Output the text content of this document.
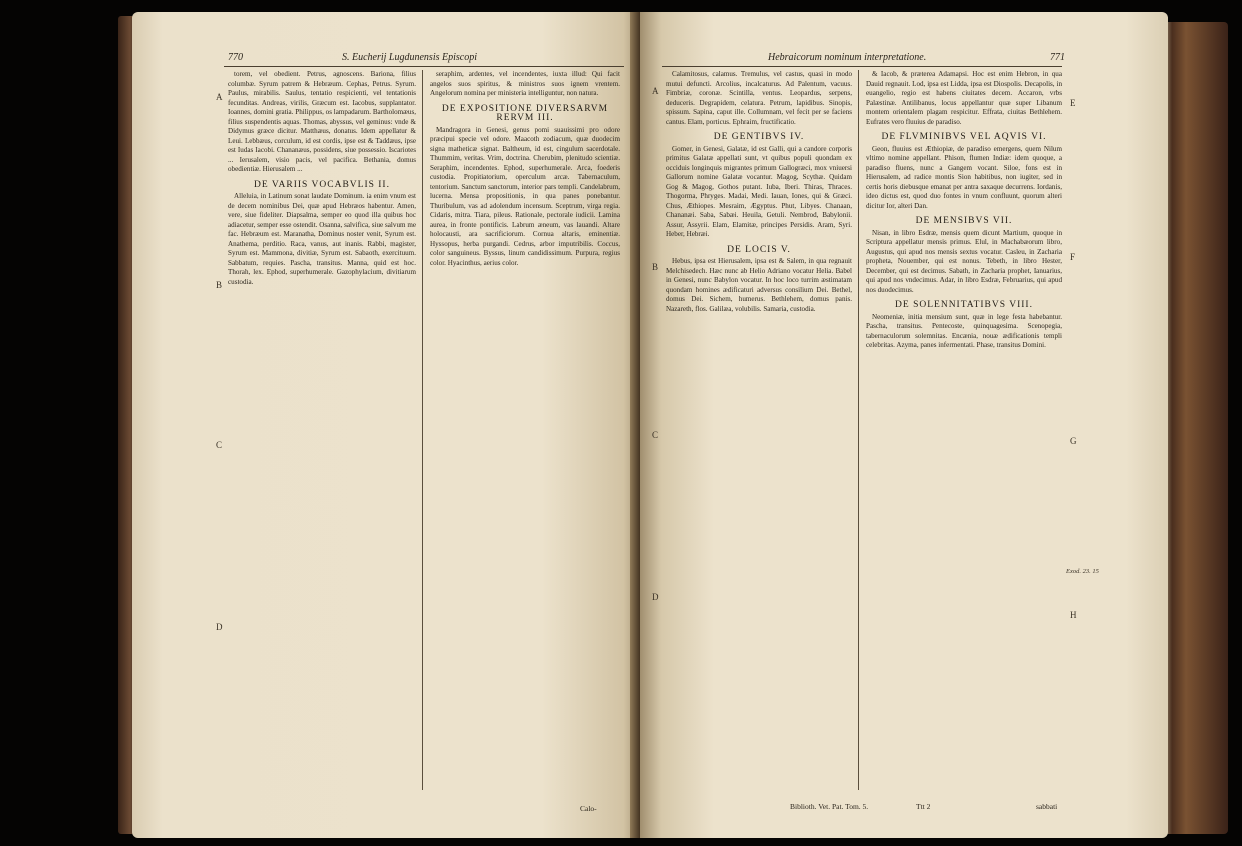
770	S. Eucherij Lugdunensis Episcopi

torem, vel obedient. Petrus, agnoscens. Bariona, filius columbæ. Syrum patrem & Hebræum. Cephas, Petrus. Syrum. Paulus, mirabilis. Saulus, tentatio respicienti, vel tentationis fecunditas. Andreas, virilis, Græcum est. Iacobus, supplantator. Ioannes, domini gratia. Philippus, os lampadarum. Bartholomæus, filius suspendentis aquas. Thomas, abyssus, vel geminus: vnde & Didymus græce dicitur. Matthæus, donatus. Idem appellatur & Leui. Lebbæus, corculum, id est cordis, ipse est & Taddæus, ipse est Iudas Iacobi. Chananæus, possidens, siue possessio. Iscariotes ... Ierusalem, visio pacis, vel pacifica. Bethania, domus obedientiæ. Hierusalem ...

DE VARIIS VOCABVLIS II.

Alleluia, in Latinum sonat laudate Dominum. ia enim vnum est de decem nominibus Dei, quæ apud Hebræos habentur. Amen, vere, siue fideliter. Diapsalma, semper eo quod illa quibus hoc adiacetur, semper esse ostendit. Osanna, salvifica, siue salvum me fac. Hebræum est. Maranatha, Dominus noster venit, Syrum est. Anathema, perditio. Raca, vanus, aut inanis. Rabbi, magister, Syrum est. Mammona, divitiæ, Syrum est. Sabaoth, exercituum. Sabbatum, requies. Pascha, transitus. Manna, quid est hoc. Thorah, lex. Ephod, superhumerale. Gazophylacium, divitiarum custodia.

seraphim, ardentes, vel incendentes, iuxta illud: Qui facit angelos suos spiritus, & ministros suos ignem vrentem. Angelorum nomina per ministeria intelliguntur, non natura.

DE EXPOSITIONE DIVERSARVM RERVM III.

Mandragora in Genesi, genus pomi suauissimi pro odore præcipui specie vel odore. Maacoth zodiacum, quæ duodecim signa matheticæ signat. Baltheum, id est, cingulum sacerdotale. Thummim, veritas. Vrim, doctrina. Cherubim, plenitudo scientiæ. Seraphim, incendentes. Ephod, superhumerale. Arca, foederis custodia. Propitiatorium, operculum arcæ. Tabernaculum, tentorium. Sanctum sanctorum, interior pars templi. Candelabrum, lucerna. Mensa propositionis, in qua panes ponebantur. Thuribulum, vas ad adolendum incensum. Sceptrum, virga regia. Cidaris, mitra. Tiara, pileus. Rationale, pectorale iudicii. Lamina aurea, in fronte pontificis. Labrum æneum, vas lauandi. Altare holocausti, ara sacrificiorum. Cornua altaris, eminentiæ. Hyssopus, herba purgandi. Cedrus, arbor imputribilis. Coccus, color sanguineus. Byssus, linum candidissimum. Purpura, regius color. Hyacinthus, aerius color.

Calo-
A
B
C
D
Hebraicorum nominum interpretatione.	771

Calamitosus, calamus. Tremulus, vel castus, quasi in modo mutui defuncti. Arcolius, incalcaturus. Ad Palentum, vacuus. Fimbriæ, coronæ. Scintilla, ventus. Leopardus, serpens, deduceris. Degrapidem, celatura. Petrum, lapidibus. Sinopis, spissum. Sapina, caput ille. Collumnam, vel fecit per se faciens cantus. Elam, porticus. Ephraim, fructificatio.

DE GENTIBVS IV.

Gomer, in Genesi, Galatæ, id est Galli, qui a candore corporis primitus Galatæ appellati sunt, vt quibus populi quondam ex occiduis longinquis migrantes primum Gallogræci, mox vniuersi Gallorum nomine Galatæ vocantur. Magog, Scythæ. Quidam Gog & Magog, Gothos putant. Iuba, Iberi. Thiras, Thraces. Thogorma, Phryges. Madai, Medi. Iauan, Iones, qui & Græci. Chus, Æthiopes. Mesraim, Ægyptus. Phut, Libyes. Chanaan, Chananæi. Saba, Sabæi. Heuila, Getuli. Nembrod, Babylonii. Assur, Assyrii. Elam, Elamitæ, principes Persidis. Aram, Syri. Heber, Hebræi.

DE LOCIS V.

Hebus, ipsa est Hierusalem, ipsa est & Salem, in qua regnauit Melchisedech. Hæc nunc ab Helio Adriano vocatur Helia. Babel in Genesi, nunc Babylon vocatur. In hoc loco turrim æstimatam quondam homines ædificaturi adversus consilium Dei. Bethel, domus Dei. Sichem, humerus. Bethlehem, domus panis. Nazareth, flos. Galilæa, volubilis. Samaria, custodia.

& Iacob, & præterea Adamapsi. Hoc est enim Hebron, in qua Dauid regnauit. Lod, ipsa est Lidda, ipsa est Diospolis. Decapolis, in euangelio, regio est habens ciuitates decem. Accaron, vrbs Palæstinæ. Antilibanus, locus appellantur quæ super Libanum montem orientalem plagam respicitur. Effrata, ciuitas Bethlehem. Eufrates vero fluuius de paradiso.

DE FLVMINIBVS VEL AQVIS VI.

Geon, fluuius est Æthiopiæ, de paradiso emergens, quem Nilum vltimo nomine appellant. Phison, flumen Indiæ: idem quoque, a paradiso fluens, nunc a Gangem vocant. Siloe, fons est in Hierusalem, ad radice montis Sion habitibus, non iugiter, sed in certis horis diebusque emanat per antra saxaque decurrens. Iordanis, ideo dictus est, quod duo fontes in vnum confluunt, quorum alteri dicitur Ior, alteri Dan.

DE MENSIBVS VII.

Nisan, in libro Esdræ, mensis quem dicunt Martium, quoque in Scriptura appellatur mensis primus. Elul, in Machabæorum libro, Augustus, qui apud nos mensis sextus vocatur. Casleu, in Zacharia propheta, Nouember, qui est nonus. Tebeth, in libro Hester, December, qui est decimus. Sabath, in Zacharia prophet, Ianuarius, qui apud nos vndecimus. Adar, in libro Esdræ, Februarius, qui apud nos duodecimus.

DE SOLENNITATIBVS VIII.

Neomeniæ, initia mensium sunt, quæ in lege festa habebantur. Pascha, transitus. Pentecoste, quinquagesima. Scenopegia, tabernaculorum solemnitas. Encænia, nouæ ædificationis templi celebritas. Azyma, panes infermentati. Phase, transitus Domini.

Biblioth. Vet. Pat. Tom. 5.	Ttt 2	sabbati
A
B
C
D
E
F
G
H
Exod. 23. 15
